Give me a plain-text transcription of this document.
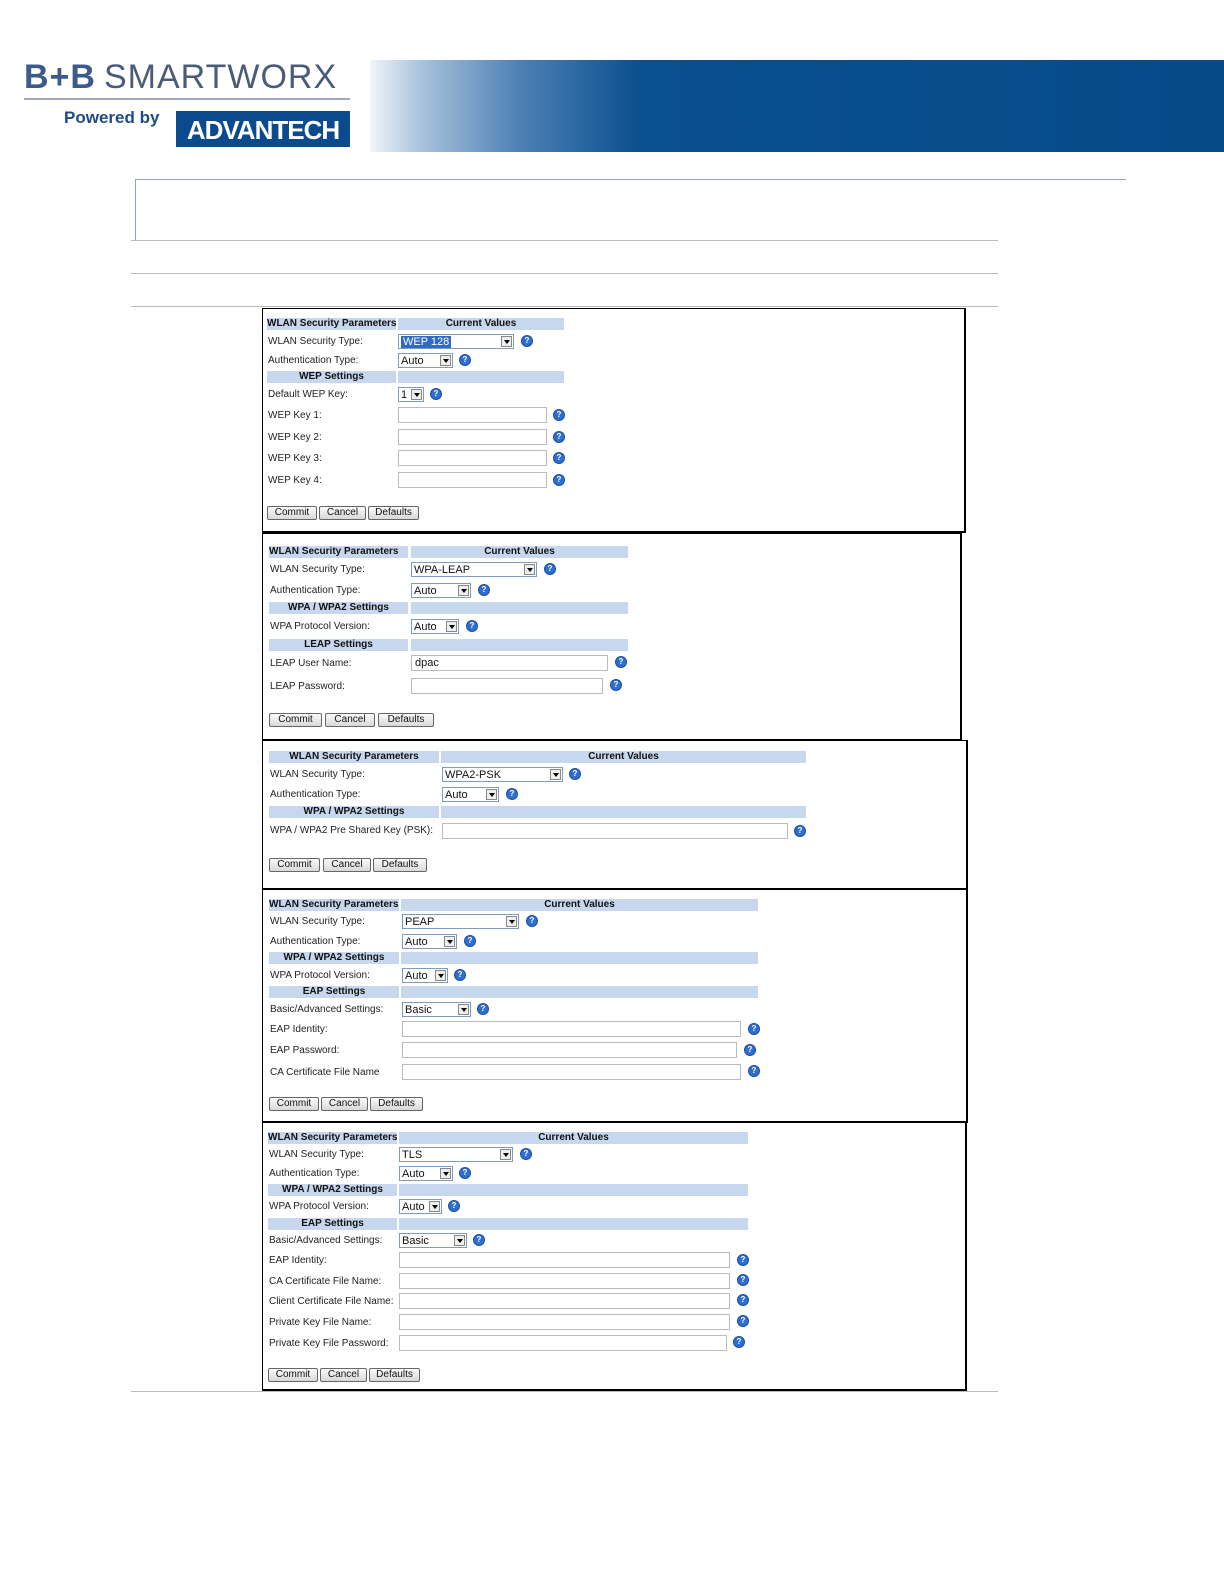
B+B SMARTWORX
Powered by	ADVANTECH
WLAN Security Parameters	Current Values
WLAN Security Type:	WEP 128	?
Authentication Type:	Auto	?
WEP Settings
Default WEP Key:	1	?
WEP Key 1:	?
WEP Key 2:	?
WEP Key 3:	?
WEP Key 4:	?
Commit	Cancel	Defaults
WLAN Security Parameters	Current Values
WLAN Security Type:	WPA-LEAP	?
Authentication Type:	Auto	?
WPA / WPA2 Settings
WPA Protocol Version:	Auto	?
LEAP Settings
LEAP User Name:	dpac	?
LEAP Password:	?
Commit	Cancel	Defaults
WLAN Security Parameters	Current Values
WLAN Security Type:	WPA2-PSK	?
Authentication Type:	Auto	?
WPA / WPA2 Settings
WPA / WPA2 Pre Shared Key (PSK):	?
Commit	Cancel	Defaults
WLAN Security Parameters	Current Values
WLAN Security Type:	PEAP	?
Authentication Type:	Auto	?
WPA / WPA2 Settings
WPA Protocol Version:	Auto	?
EAP Settings
Basic/Advanced Settings: Basic	?
EAP Identity:	?
EAP Password:	?
CA Certificate File Name	?
Commit	Cancel	Defaults
WLAN Security Parameters	Current Values
WLAN Security Type:	TLS	?
Authentication Type:	Auto	?
WPA / WPA2 Settings
WPA Protocol Version:	Auto	?
EAP Settings
Basic/Advanced Settings: Basic	?
EAP Identity:	?
CA Certificate File Name:	?
Client Certificate File Name:	?
Private Key File Name:	?
Private Key File Password:	?
Commit	Cancel	Defaults
